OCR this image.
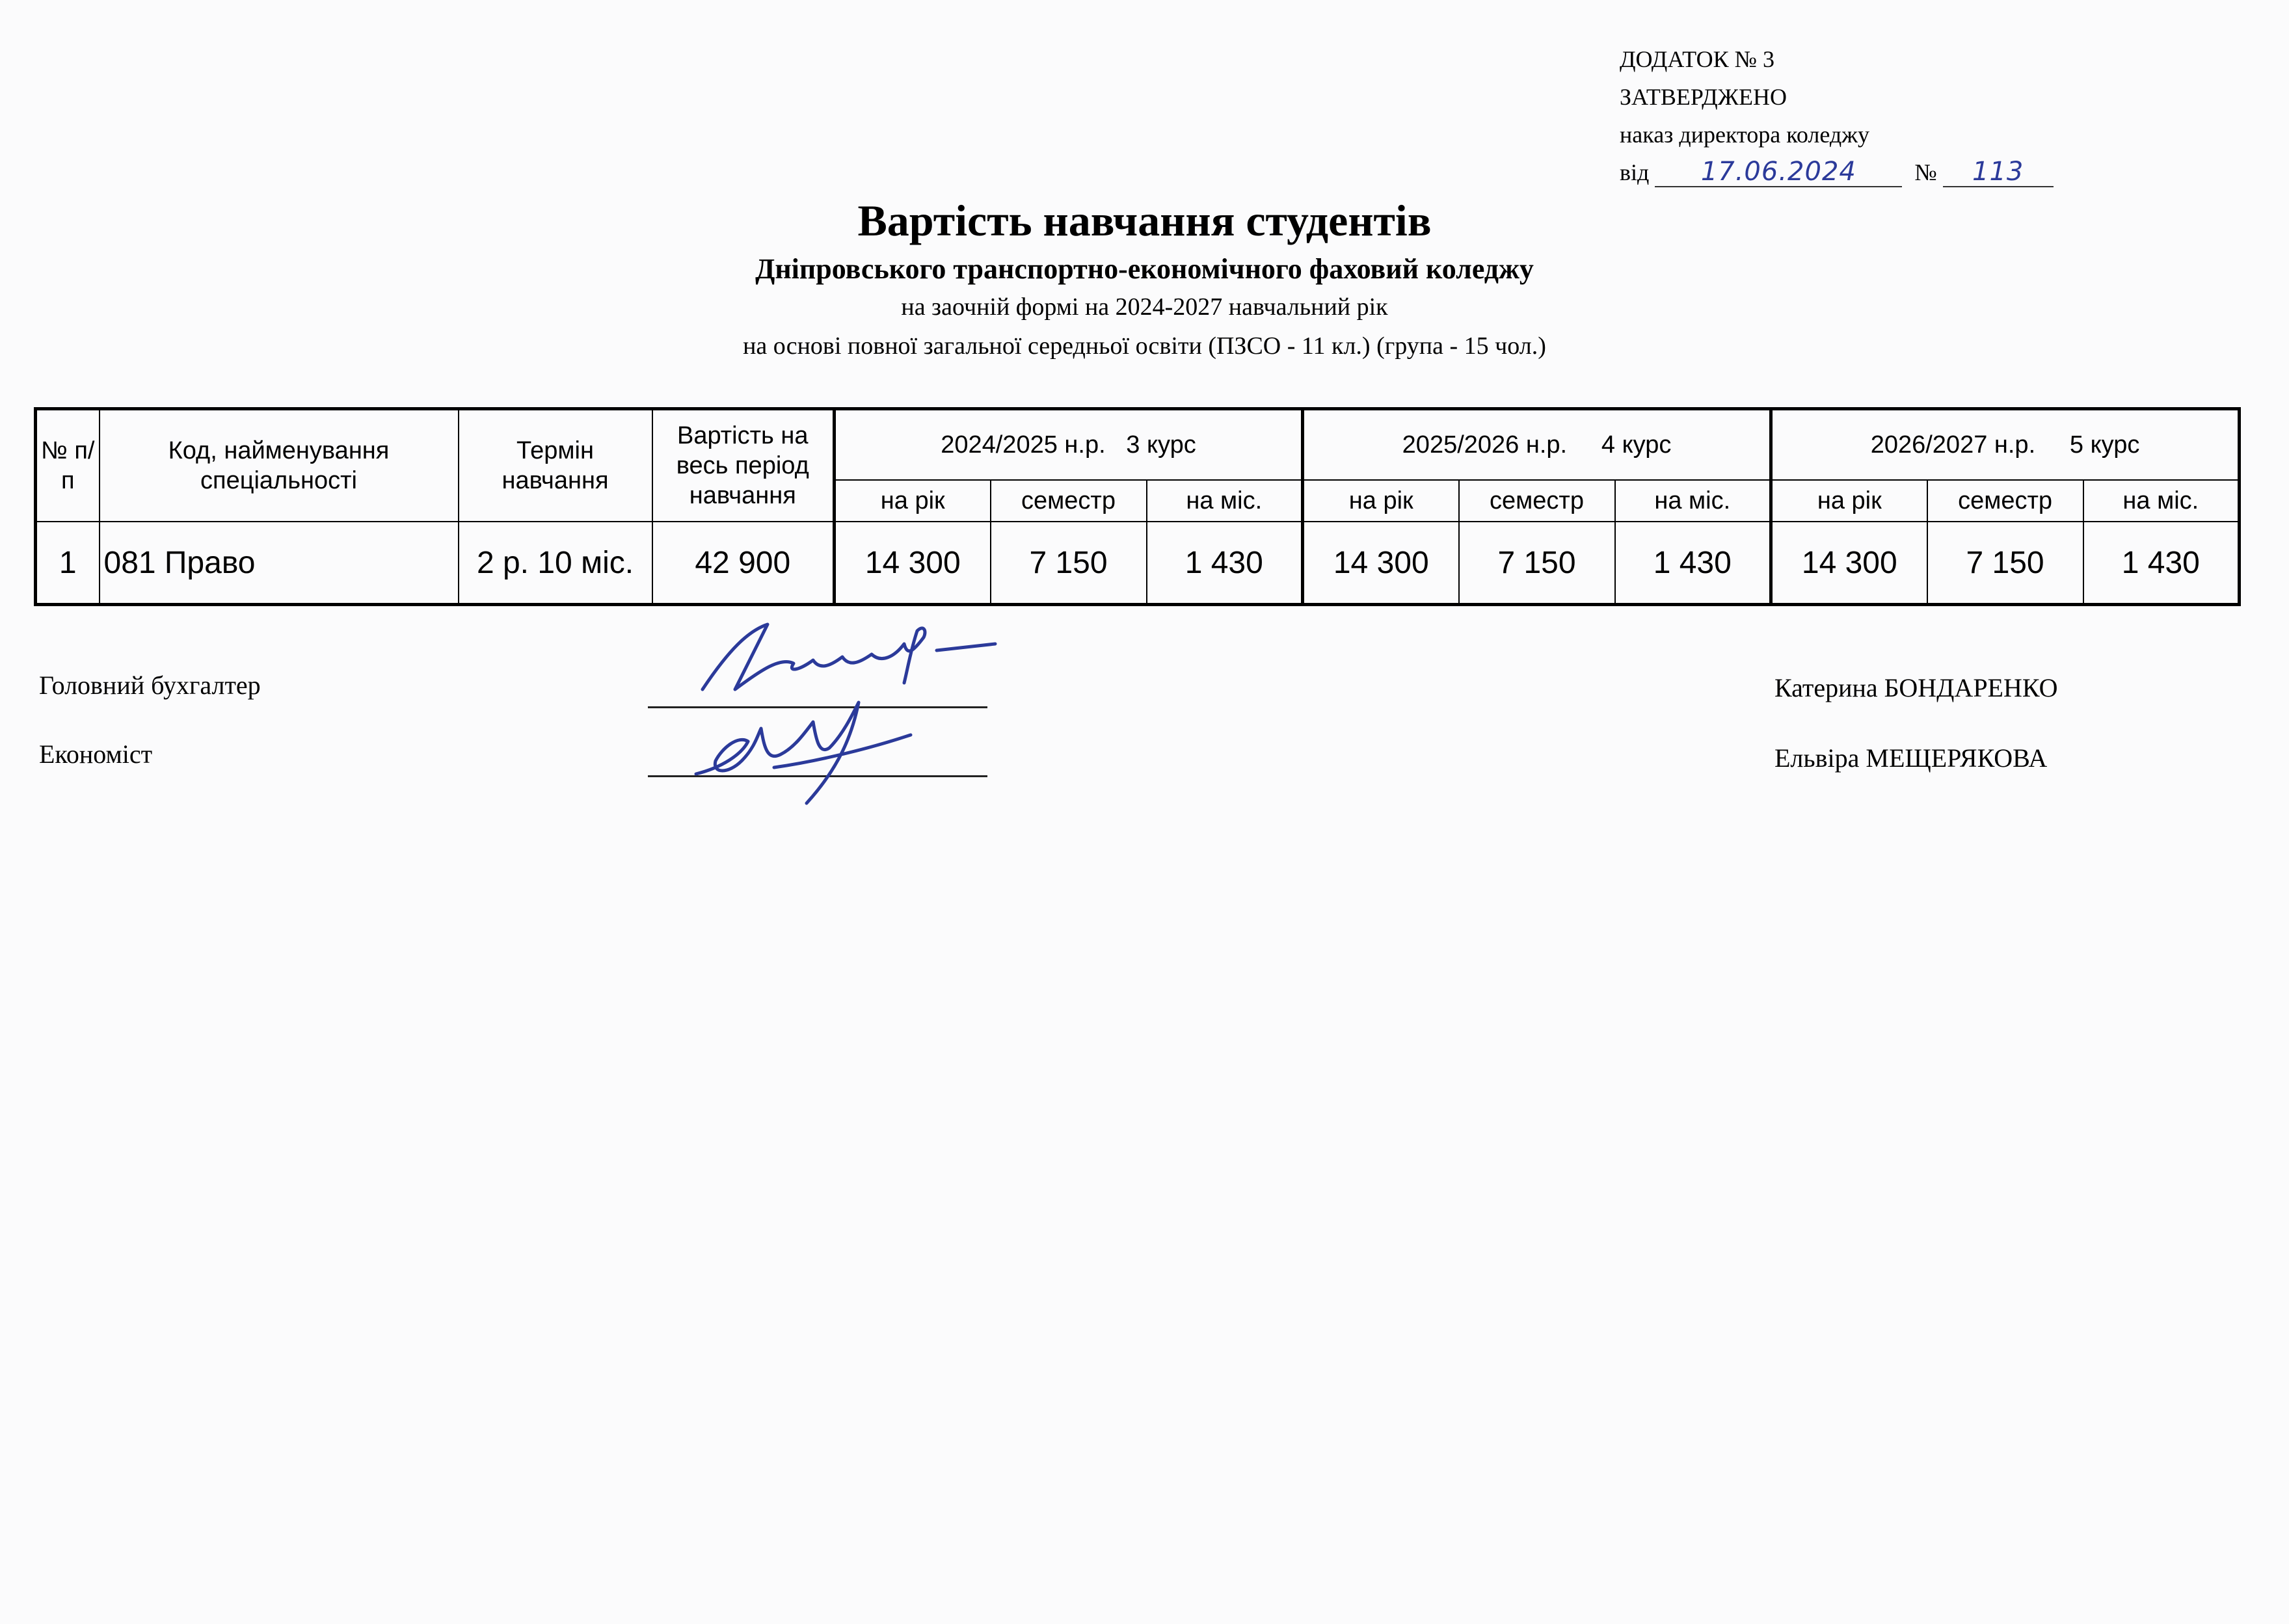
ДОДАТОК № 3
ЗАТВЕРДЖЕНО
наказ директора коледжу
від 17.06.2024 № 113
Вартість навчання студентів
Дніпровського транспортно-економічного фаховий коледжу
на заочній формі на 2024-2027 навчальний рік
на основі повної загальної середньої освіти (ПЗСО - 11 кл.) (група - 15 чол.)
№ п/п	Код, найменування спеціальності	Термін навчання	Вартість на весь період навчання	2024/2025 н.р.   3 курс			2025/2026 н.р.     4 курс			2026/2027 н.р.     5 курс		
				на рік	семестр	на міс.	на рік	семестр	на міс.	на рік	семестр	на міс.
1	081 Право	2 р. 10 міс.	42 900	14 300	7 150	1 430	14 300	7 150	1 430	14 300	7 150	1 430
Головний бухгалтер	Катерина БОНДАРЕНКО
Економіст	Ельвіра МЕЩЕРЯКОВА
